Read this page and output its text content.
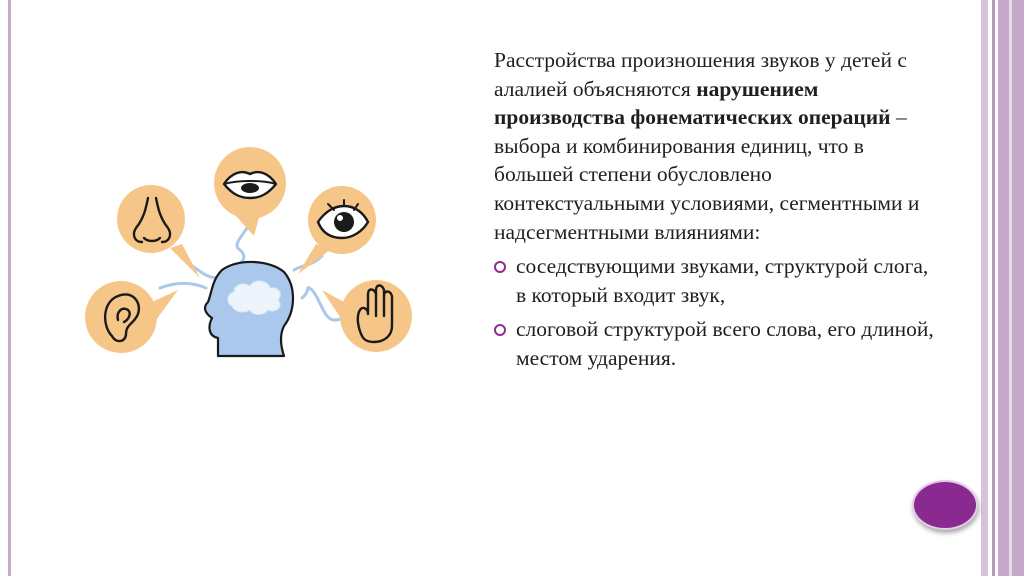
Расстройства произношения звуков у детей с алалией объясняются нарушением производства фонематических операций – выбора и комбинирования единиц, что в большей степени обусловлено контекстуальными условиями, сегментными и надсегментными влияниями:

соседствующими звуками, структурой слога, в который входит звук,
слоговой структурой всего слова, его длиной, местом ударения.
